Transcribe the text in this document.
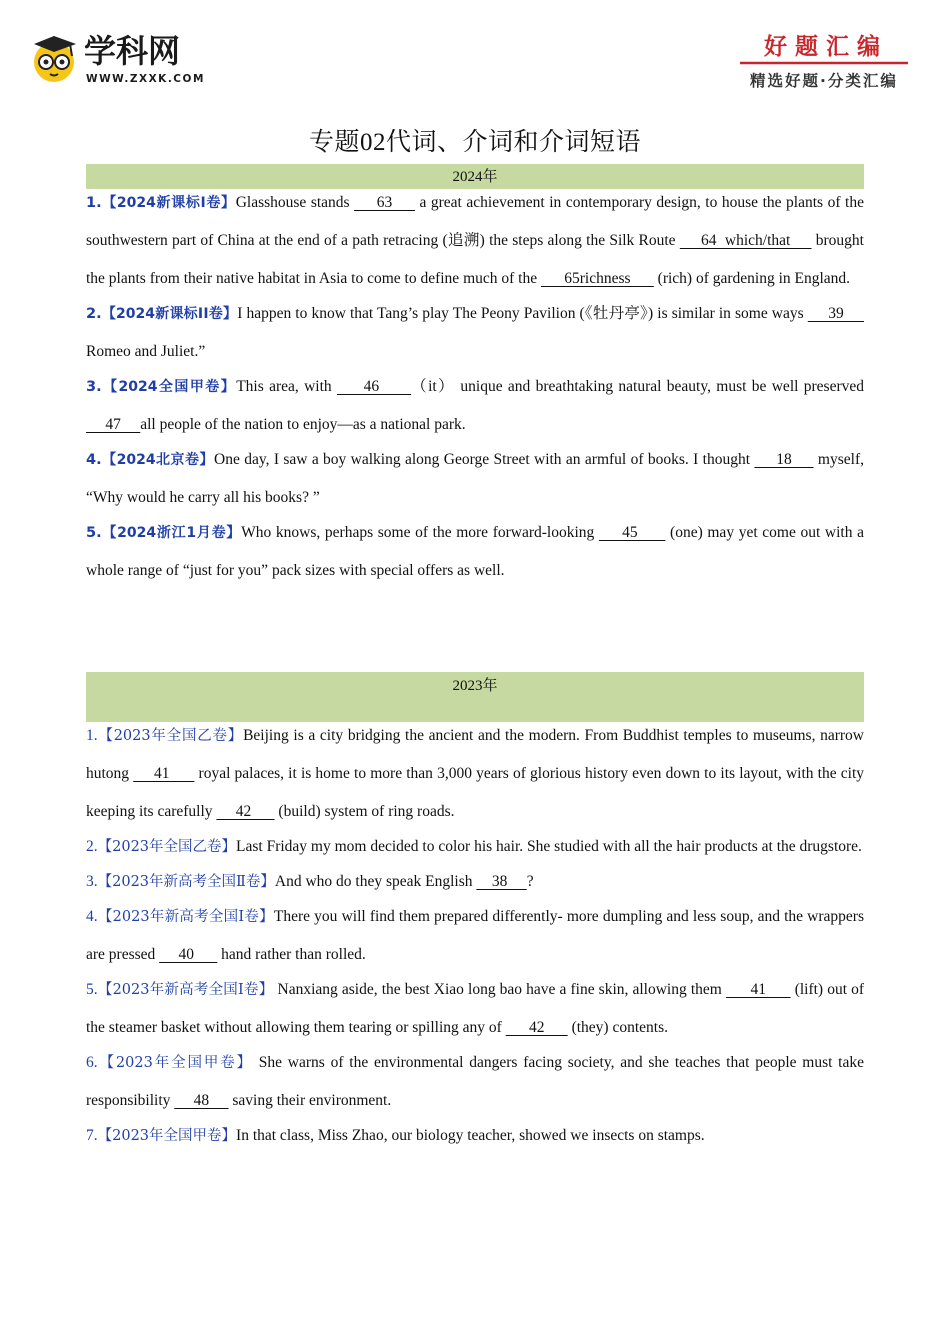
学科网
WWW.ZXXK.COM
好题汇编
精选好题·分类汇编
专题02代词、介词和介词短语
2024年

1.【2024新课标Ⅰ卷】Glasshouse stands      63      a great achievement in contemporary design, to house the plants of the southwestern part of China at the end of a path retracing (追溯) the steps along the Silk Route      64  which/that      brought the plants from their native habitat in Asia to come to define much of the       65richness       (rich) of gardening in England.

2.【2024新课标ⅠⅠ卷】I happen to know that Tang’s play The Peony Pavilion (《牡丹亭》) is similar in some ways      39      Romeo and Juliet.”

3.【2024全国甲卷】This area, with      46      （it） unique and breathtaking natural beauty, must be well preserved      47     all people of the nation to enjoy—as a national park.

4.【2024北京卷】One day, I saw a boy walking along George Street with an armful of books. I thought      18      myself, “Why would he carry all his books? ”

5.【2024浙江1月卷】Who knows, perhaps some of the more forward-looking      45       (one) may yet come out with a whole range of “just for you” pack sizes with special offers as well.

2023年

1.【2023年全国乙卷】Beijing is a city bridging the ancient and the modern. From Buddhist temples to museums, narrow hutong      41       royal palaces, it is home to more than 3,000 years of glorious history even down to its layout, with the city keeping its carefully      42       (build) system of ring roads.

2.【2023年全国乙卷】Last Friday my mom decided to color his hair. She studied with all the hair products at the drugstore.

3.【2023年新高考全国Ⅱ卷】And who do they speak English     38     ?

4.【2023年新高考全国Ⅰ卷】There you will find them prepared differently- more dumpling and less soup, and the wrappers are pressed      40       hand rather than rolled.

5.【2023年新高考全国Ⅰ卷】 Nanxiang aside, the best Xiao long bao have a fine skin, allowing them       41       (lift) out of the steamer basket without allowing them tearing or spilling any of       42       (they) contents.

6.【2023年全国甲卷】 She warns of the environmental dangers facing society, and she teaches that people must take responsibility      48      saving their environment.

7.【2023年全国甲卷】In that class, Miss Zhao, our biology teacher, showed we insects on stamps.
